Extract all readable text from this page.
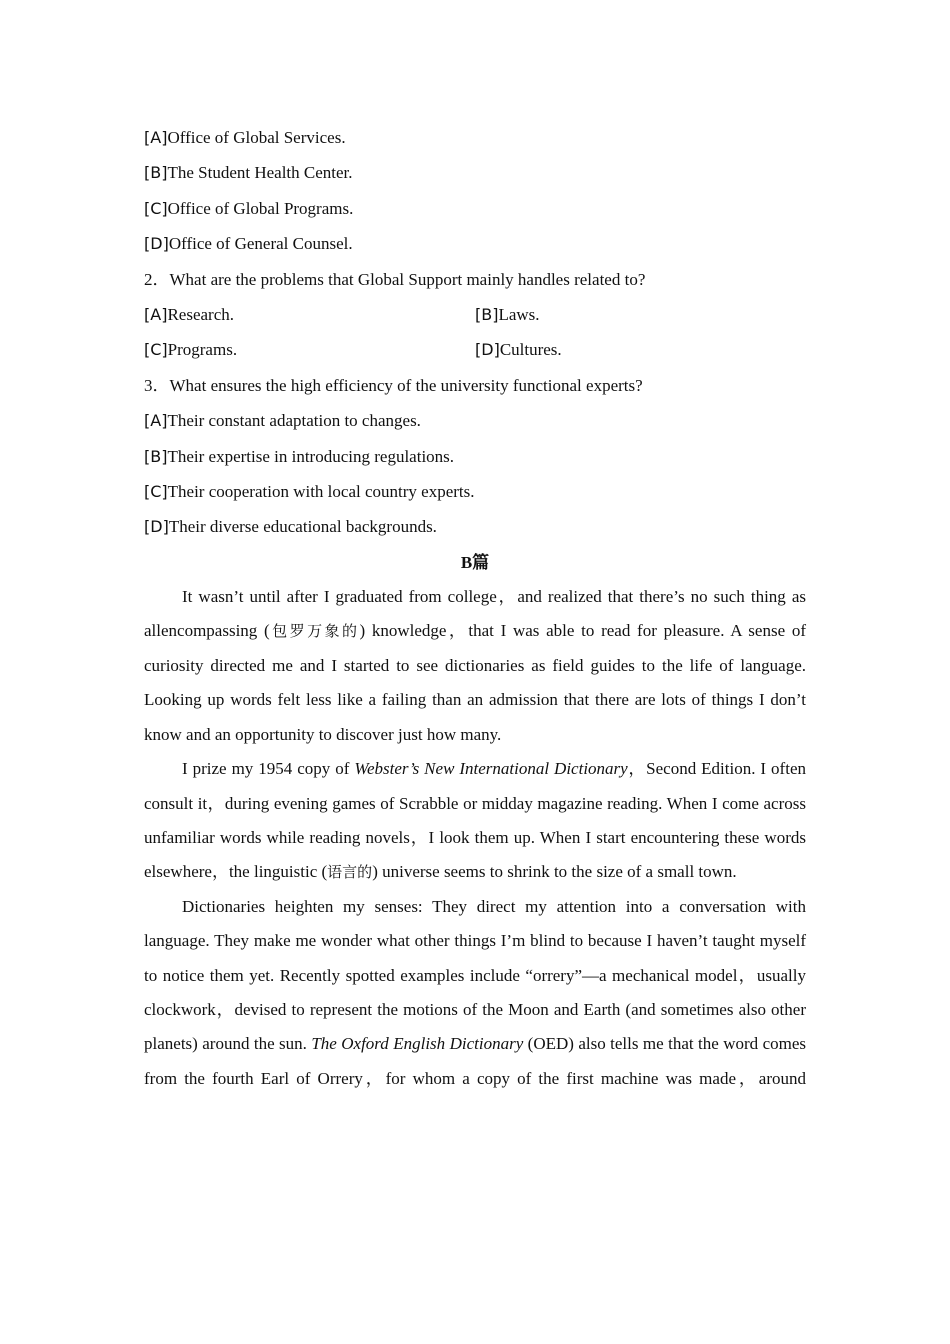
[A]Office of Global Services.
[B]The Student Health Center.
[C]Office of Global Programs.
[D]Office of General Counsel.
2．What are the problems that Global Support mainly handles related to?
[A]Research.	[B]Laws.
[C]Programs.	[D]Cultures.
3．What ensures the high efficiency of the university functional experts?
[A]Their constant adaptation to changes.
[B]Their expertise in introducing regulations.
[C]Their cooperation with local country experts.
[D]Their diverse educational backgrounds.
B篇

It wasn’t until after I graduated from college，and realized that there’s no such thing as allencompassing (包罗万象的) knowledge，that I was able to read for pleasure. A sense of curiosity directed me and I started to see dictionaries as field guides to the life of language. Looking up words felt less like a failing than an admission that there are lots of things I don’t know and an opportunity to discover just how many.

I prize my 1954 copy of Webster’s New International Dictionary，Second Edition. I often consult it，during evening games of Scrabble or midday magazine reading. When I come across unfamiliar words while reading novels，I look them up. When I start encountering these words elsewhere，the linguistic (语言的) universe seems to shrink to the size of a small town.

Dictionaries heighten my senses: They direct my attention into a conversation with language. They make me wonder what other things I’m blind to because I haven’t taught myself to notice them yet. Recently spotted examples include “orrery”—a mechanical model，usually clockwork，devised to represent the motions of the Moon and Earth (and sometimes also other planets) around the sun. The Oxford English Dictionary (OED) also tells me that the word comes from the fourth Earl of Orrery，for whom a copy of the first machine was made，around
